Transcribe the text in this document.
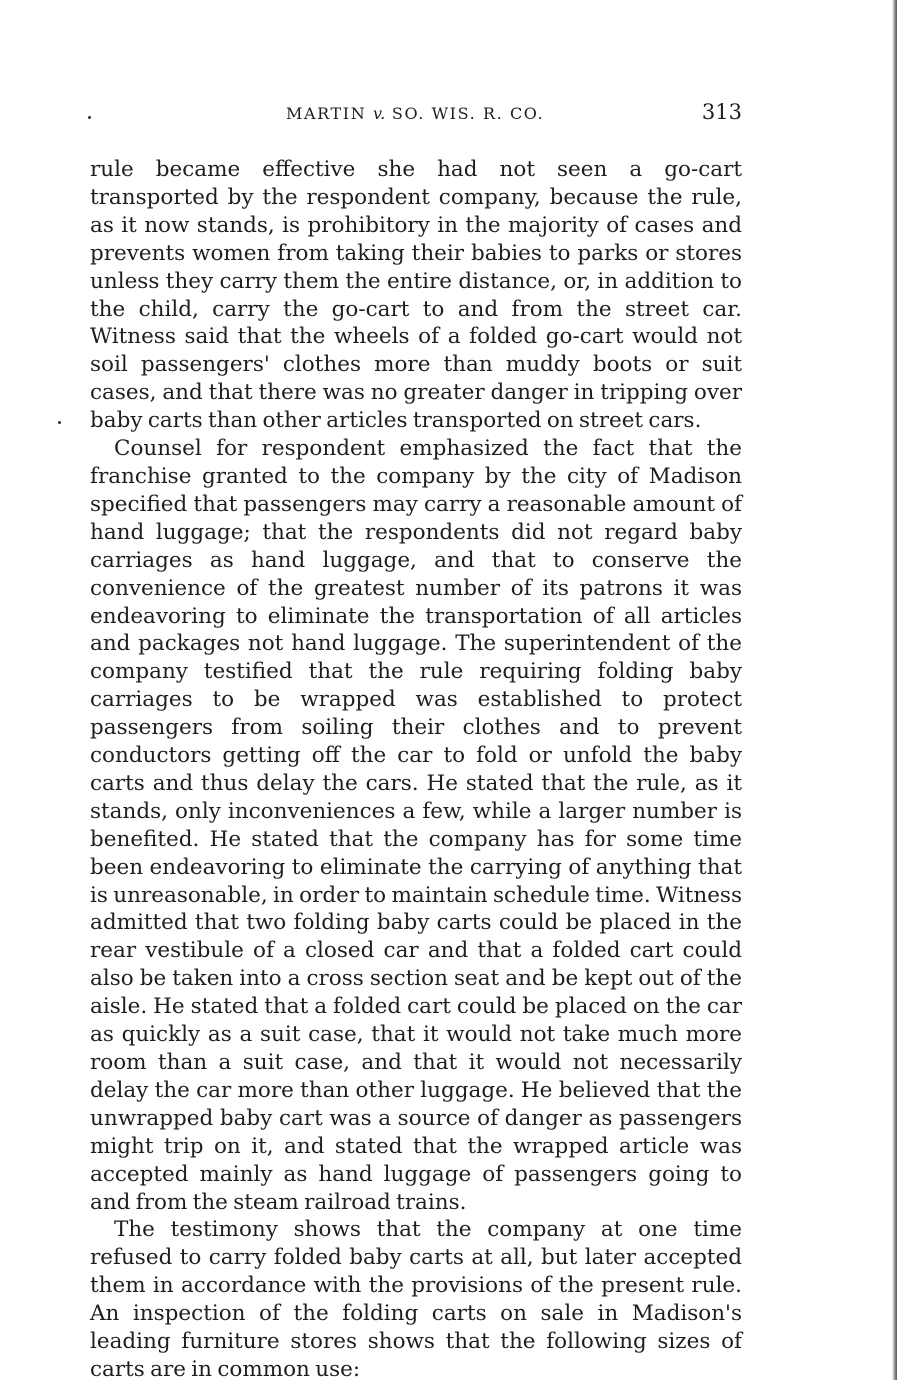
MARTIN v. SO. WIS. R. CO.	313

rule became effective she had not seen a go-cart transported by the respondent company, because the rule, as it now stands, is prohibitory in the majority of cases and prevents women from taking their babies to parks or stores unless they carry them the entire distance, or, in addition to the child, carry the go-cart to and from the street car. Witness said that the wheels of a folded go-cart would not soil passengers' clothes more than muddy boots or suit cases, and that there was no greater danger in tripping over baby carts than other articles transported on street cars.

Counsel for respondent emphasized the fact that the franchise granted to the company by the city of Madison specified that passengers may carry a reasonable amount of hand luggage; that the respondents did not regard baby carriages as hand luggage, and that to conserve the convenience of the greatest number of its patrons it was endeavoring to eliminate the transportation of all articles and packages not hand luggage. The superintendent of the company testified that the rule requiring folding baby carriages to be wrapped was established to protect passengers from soiling their clothes and to prevent conductors getting off the car to fold or unfold the baby carts and thus delay the cars. He stated that the rule, as it stands, only inconveniences a few, while a larger number is benefited. He stated that the company has for some time been endeavoring to eliminate the carrying of anything that is unreasonable, in order to maintain schedule time. Witness admitted that two folding baby carts could be placed in the rear vestibule of a closed car and that a folded cart could also be taken into a cross section seat and be kept out of the aisle. He stated that a folded cart could be placed on the car as quickly as a suit case, that it would not take much more room than a suit case, and that it would not necessarily delay the car more than other luggage. He believed that the unwrapped baby cart was a source of danger as passengers might trip on it, and stated that the wrapped article was accepted mainly as hand luggage of passengers going to and from the steam railroad trains.

The testimony shows that the company at one time refused to carry folded baby carts at all, but later accepted them in accordance with the provisions of the present rule. An inspection of the folding carts on sale in Madison's leading furniture stores shows that the following sizes of carts are in common use:
